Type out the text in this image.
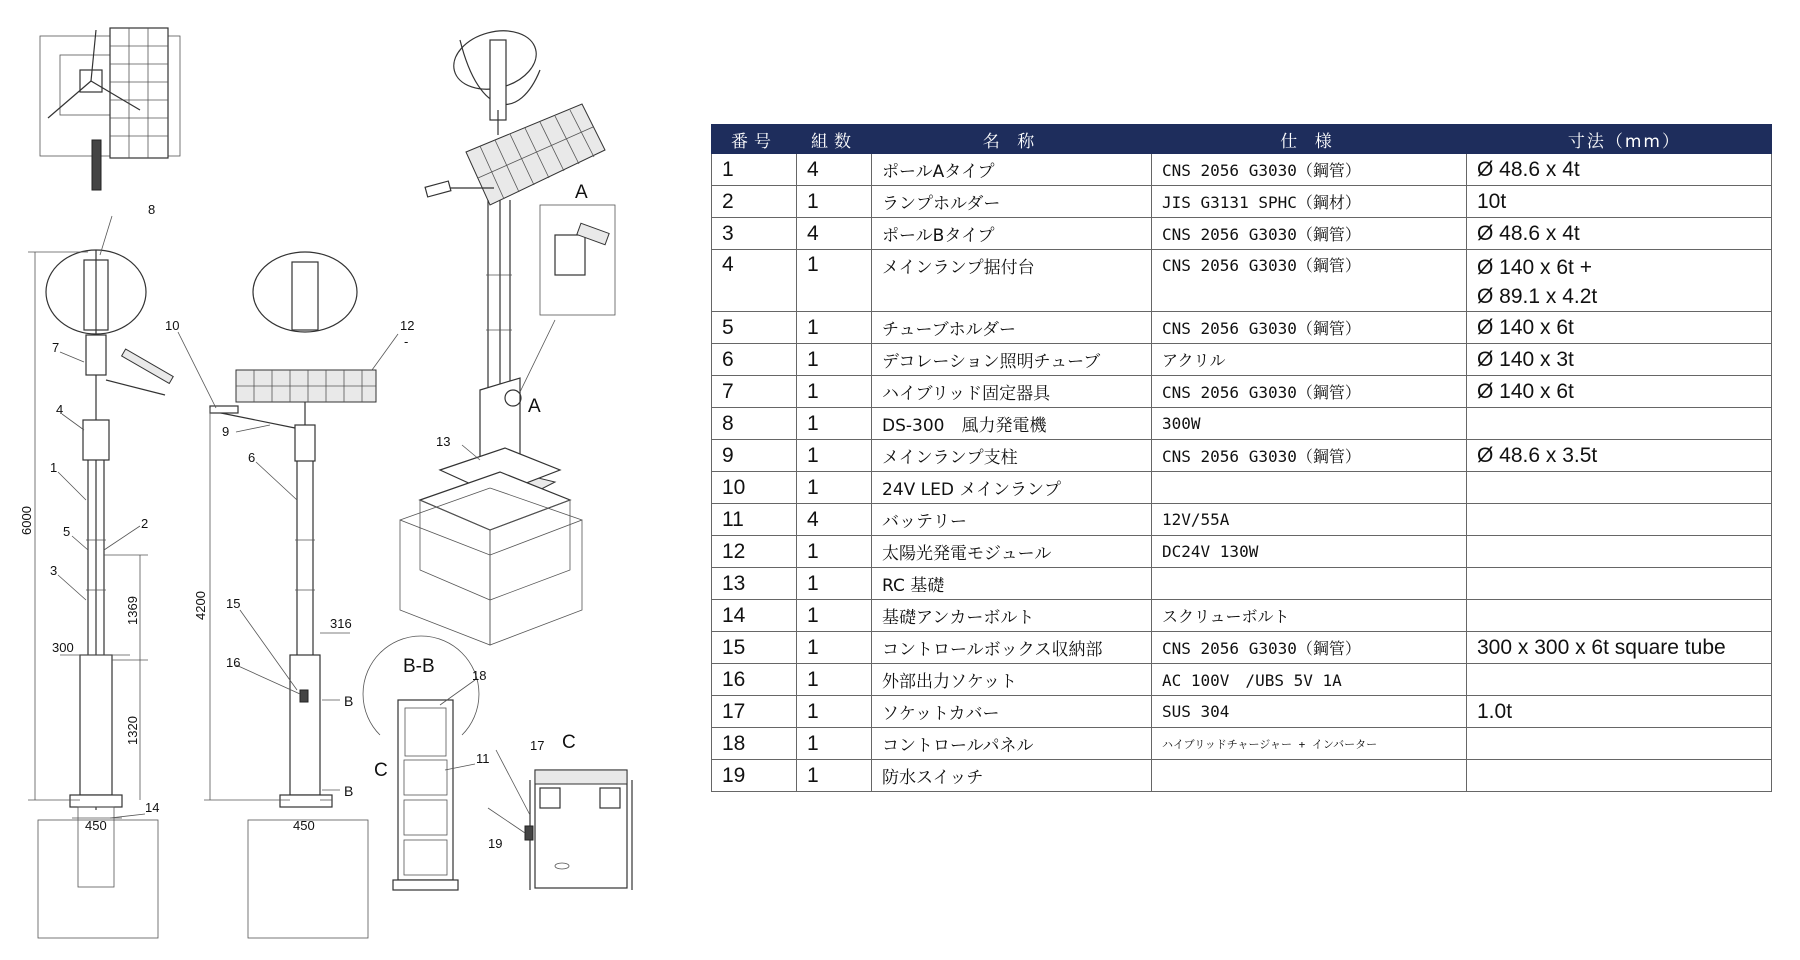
8
7
4
1
5
2
3
10
9
6
12
-
13
15
16
18
11
17
19
14
6000
1369
1320
300
450	450
4200
316
A
A
B
B
C
C
B-B
番号	組数	名 称	仕 様	寸法（mm）
1	4	ポールAタイプ	CNS 2056 G3030（鋼管）	Ø 48.6 x 4t
2	1	ランプホルダー	JIS G3131 SPHC（鋼材）	10t
3	4	ポールBタイプ	CNS 2056 G3030（鋼管）	Ø 48.6 x 4t
4	1	メインランプ据付台	CNS 2056 G3030（鋼管）	Ø 140 x 6t +
Ø 89.1 x 4.2t

5	1	チューブホルダー	CNS 2056 G3030（鋼管）	Ø 140 x 6t
6	1	デコレーション照明チューブ	アクリル	Ø 140 x 3t
7	1	ハイブリッド固定器具	CNS 2056 G3030（鋼管）	Ø 140 x 6t
8	1	DS-300　風力発電機	300W	
9	1	メインランプ支柱	CNS 2056 G3030（鋼管）	Ø 48.6 x 3.5t
10	1	24V LED メインランプ		
11	4	バッテリー	12V/55A	
12	1	太陽光発電モジュール	DC24V 130W	
13	1	RC 基礎		
14	1	基礎アンカーボルト	スクリューボルト	
15	1	コントロールボックス収納部	CNS 2056 G3030（鋼管）	300 x 300 x 6t square tube
16	1	外部出力ソケット	AC 100V　/UBS 5V 1A	
17	1	ソケットカバー	SUS 304	1.0t
18	1	コントロールパネル	ハイブリッドチャージャー + インバーター	
19	1	防水スイッチ		
